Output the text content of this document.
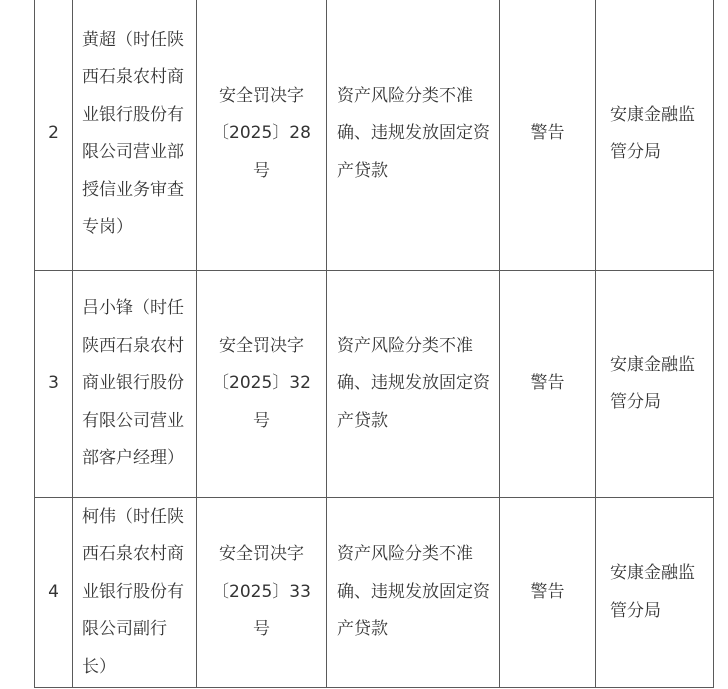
2	黄超（时任陕西石泉农村商业银行股份有限公司营业部授信业务审查专岗）	安全罚决字〔2025〕28号	资产风险分类不准确、违规发放固定资产贷款	警告	安康金融监管分局

3	吕小锋（时任陕西石泉农村商业银行股份有限公司营业部客户经理）	安全罚决字〔2025〕32号	资产风险分类不准确、违规发放固定资产贷款	警告	安康金融监管分局

4	柯伟（时任陕西石泉农村商业银行股份有限公司副行长）	安全罚决字〔2025〕33号	资产风险分类不准确、违规发放固定资产贷款	警告	安康金融监管分局
